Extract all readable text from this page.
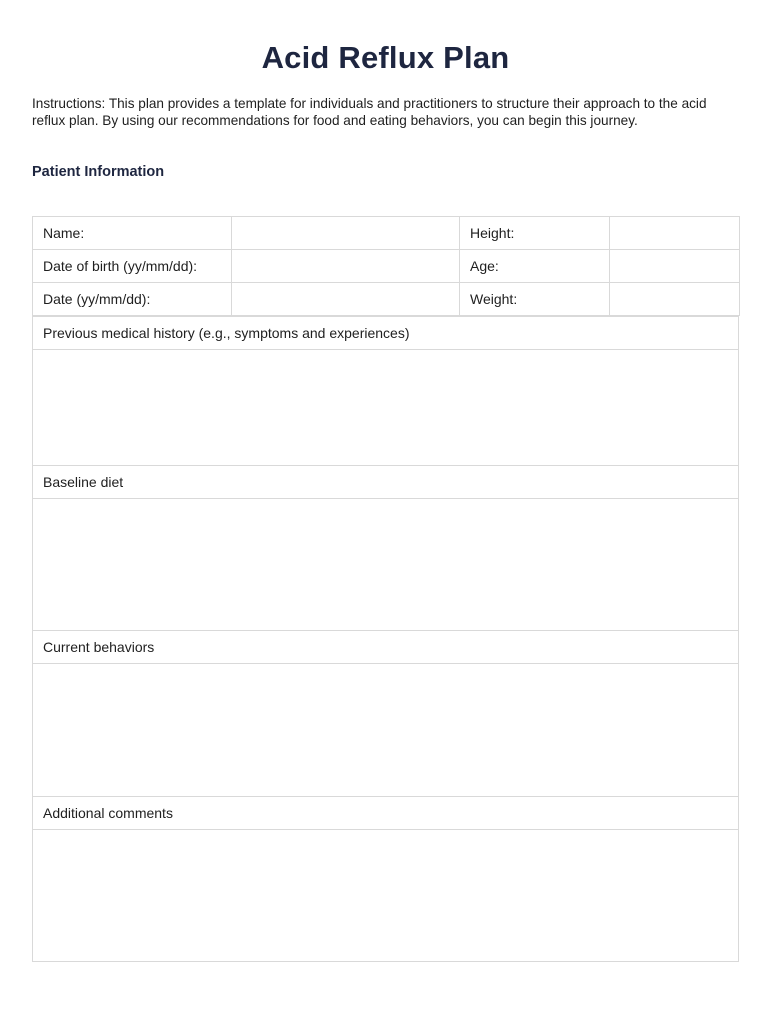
Acid Reflux Plan

Instructions: This plan provides a template for individuals and practitioners to structure their approach to the acid reflux plan. By using our recommendations for food and eating behaviors, you can begin this journey.

Patient Information
Name:		Height:	
Date of birth (yy/mm/dd):		Age:	
Date (yy/mm/dd):		Weight:	
Previous medical history (e.g., symptoms and experiences)

Baseline diet

Current behaviors

Additional comments
